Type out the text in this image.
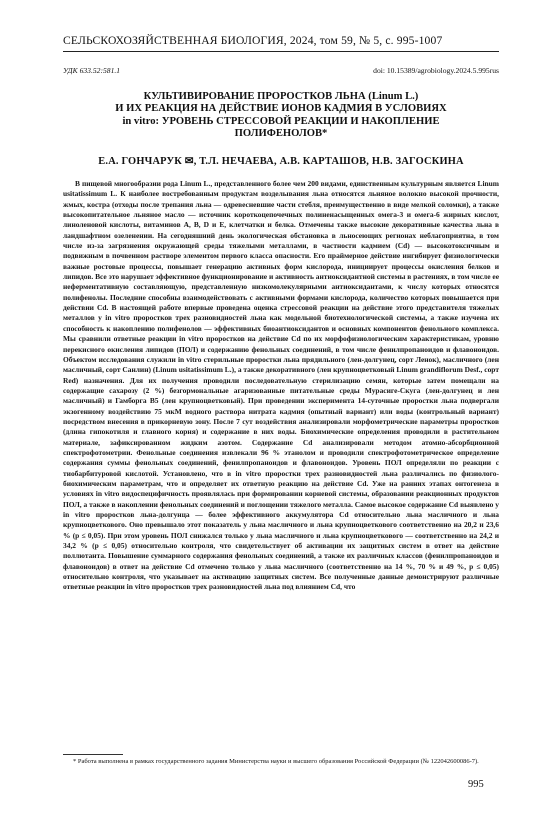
СЕЛЬСКОХОЗЯЙСТВЕННАЯ БИОЛОГИЯ, 2024, том 59, № 5, с. 995-1007
УДК 633.52:581.1	doi: 10.15389/agrobiology.2024.5.995rus
КУЛЬТИВИРОВАНИЕ ПРОРОСТКОВ ЛЬНА (Linum L.)
И ИХ РЕАКЦИЯ НА ДЕЙСТВИЕ ИОНОВ КАДМИЯ В УСЛОВИЯХ
in vitro: УРОВЕНЬ СТРЕССОВОЙ РЕАКЦИИ И НАКОПЛЕНИЕ
ПОЛИФЕНОЛОВ*
Е.А. ГОНЧАРУК ✉, Т.Л. НЕЧАЕВА, А.В. КАРТАШОВ, Н.В. ЗАГОСКИНА

В пищевой многообразии рода Linum L., представленного более чем 200 видами, единственным культурным является Linum usitatissimum L. К наиболее востребованным продуктам возделывания льна относятся льняное волокно высокой прочности, жмых, костра (отходы после трепания льна — одревесневшие части стебля, преимущественно в виде мелкой соломки), а также высокопитательное льняное масло — источник короткоцепочечных полиненасыщенных омега-3 и омега-6 жирных кислот, линоленовой кислоты, витаминов A, B, D и E, клетчатки и белка. Отмечены также высокие декоративные качества льна в ландшафтном озеленении. На сегодняшний день экологическая обстановка в льносеющих регионах неблагоприятна, в том числе из-за загрязнения окружающей среды тяжелыми металлами, в частности кадмием (Cd) — высокотоксичным и подвижным в почвенном растворе элементом первого класса опасности. Его праймерное действие ингибирует физиологически важные ростовые процессы, повышает генерацию активных форм кислорода, инициирует процессы окисления белков и липидов. Все это нарушает эффективное функционирование и активность антиоксидантной системы в растениях, в том числе ее неферментативную составляющую, представленную низкомолекулярными антиоксидантами, к числу которых относятся полифенолы. Последние способны взаимодействовать с активными формами кислорода, количество которых повышается при действии Cd. В настоящей работе впервые проведена оценка стрессовой реакции на действие этого представителя тяжелых металлов у in vitro проростков трех разновидностей льна как модельной биотехнологической системы, а также изучена их способность к накоплению полифенолов — эффективных биоантиоксидантов и основных компонентов фенольного комплекса. Мы сравнили ответные реакции in vitro проростков на действие Cd по их морфофизиологическим характеристикам, уровню перекисного окисления липидов (ПОЛ) и содержанию фенольных соединений, в том числе фенилпропаноидов и флавоноидов. Объектом исследования служили in vitro стерильные проростки льна прядильного (лен-долгунец, сорт Ленок), масличного (лен масличный, сорт Санлин) (Linum usitatissimum L.), а также декоративного (лен крупноцветковый Linum grandiflorum Desf., сорт Red) назначения. Для их получения проводили последовательную стерилизацию семян, которые затем помещали на содержащие сахарозу (2 %) безгормональные агаризованные питательные среды Мурасиге-Скуга (лен-долгунец и лен масличный) и Гамборга B5 (лен крупноцветковый). При проведении эксперимента 14-суточные проростки льна подвергали экзогенному воздействию 75 мкМ водного раствора нитрата кадмия (опытный вариант) или воды (контрольный вариант) посредством внесения в прикорневую зону. После 7 сут воздействия анализировали морфометрические параметры проростков (длина гипокотиля и главного корня) и содержание в них воды. Биохимические определения проводили в растительном материале, зафиксированном жидким азотом. Содержание Cd анализировали методом атомно-абсорбционной спектрофотометрии. Фенольные соединения извлекали 96 % этанолом и проводили спектрофотометрическое определение содержания суммы фенольных соединений, фенилпропаноидов и флавоноидов. Уровень ПОЛ определяли по реакции с тиобарбитуровой кислотой. Установлено, что в in vitro проростки трех разновидностей льна различались по физиолого-биохимическим параметрам, что и определяет их ответную реакцию на действие Cd. Уже на ранних этапах онтогенеза в условиях in vitro видоспецифичность проявлялась при формировании корневой системы, образовании реакционных продуктов ПОЛ, а также в накоплении фенольных соединений и поглощении тяжелого металла. Самое высокое содержание Cd выявлено у in vitro проростков льна-долгунца — более эффективного аккумулятора Cd относительно льна масличного и льна крупноцветкового. Оно превышало этот показатель у льна масличного и льна крупноцветкового соответственно на 20,2 и 23,6 % (p ≤ 0,05). При этом уровень ПОЛ снижался только у льна масличного и льна крупноцветкового — соответственно на 24,2 и 34,2 % (p ≤ 0,05) относительно контроля, что свидетельствует об активации их защитных систем в ответ на действие поллютанта. Повышение суммарного содержания фенольных соединений, а также их различных классов (фенилпропаноидов и флавоноидов) в ответ на действие Cd отмечено только у льна масличного (соответственно на 14 %, 70 % и 49 %, p ≤ 0,05) относительно контроля, что указывает на активацию защитных систем. Все полученные данные демонстрируют различные ответные реакции in vitro проростков трех разновидностей льна под влиянием Cd, что

* Работа выполнена в рамках государственного задания Министерства науки и высшего образования Российской Федерации (№ 122042600086-7).

995
